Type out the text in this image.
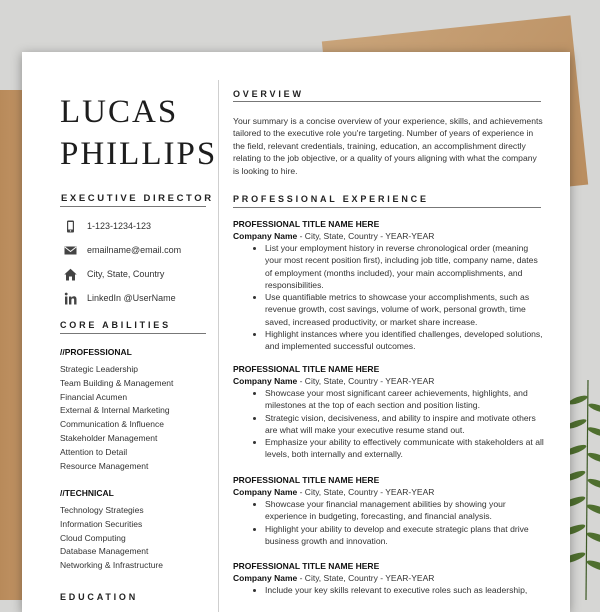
LUCAS
PHILLIPS
EXECUTIVE DIRECTOR
1-123-1234-123
emailname@email.com
City, State, Country
LinkedIn @UserName
CORE ABILITIES
//PROFESSIONAL
Strategic Leadership
Team Building & Management
Financial Acumen
External & Internal Marketing
Communication & Influence
Stakeholder Management
Attention to Detail
Resource Management
//TECHNICAL
Technology Strategies
Information Securities
Cloud Computing
Database Management
Networking & Infrastructure
EDUCATION
OVERVIEW

Your summary is a concise overview of your experience, skills, and achievements tailored to the executive role you're targeting. Number of years of experience in the field, relevant credentials, training, education, an accomplishment directly relating to the job objective, or a quality of yours aligning with what the company is looking to hire.

PROFESSIONAL EXPERIENCE
PROFESSIONAL TITLE NAME HERE
Company Name - City, State, Country - YEAR-YEAR
• List your employment history in reverse chronological order (meaning your most recent position first), including job title, company name, dates of employment (months included), your main accomplishments, and responsibilities.
• Use quantifiable metrics to showcase your accomplishments, such as revenue growth, cost savings, volume of work, personal growth, time saved, increased productivity, or market share increase.
• Highlight instances where you identified challenges, developed solutions, and implemented successful outcomes.
PROFESSIONAL TITLE NAME HERE
Company Name - City, State, Country - YEAR-YEAR
• Showcase your most significant career achievements, highlights, and milestones at the top of each section and position listing.
• Strategic vision, decisiveness, and ability to inspire and motivate others are what will make your executive resume stand out.
• Emphasize your ability to effectively communicate with stakeholders at all levels, both internally and externally.
PROFESSIONAL TITLE NAME HERE
Company Name - City, State, Country - YEAR-YEAR
• Showcase your financial management abilities by showing your experience in budgeting, forecasting, and financial analysis.
• Highlight your ability to develop and execute strategic plans that drive business growth and innovation.
PROFESSIONAL TITLE NAME HERE
Company Name - City, State, Country - YEAR-YEAR
• Include your key skills relevant to executive roles such as leadership,
